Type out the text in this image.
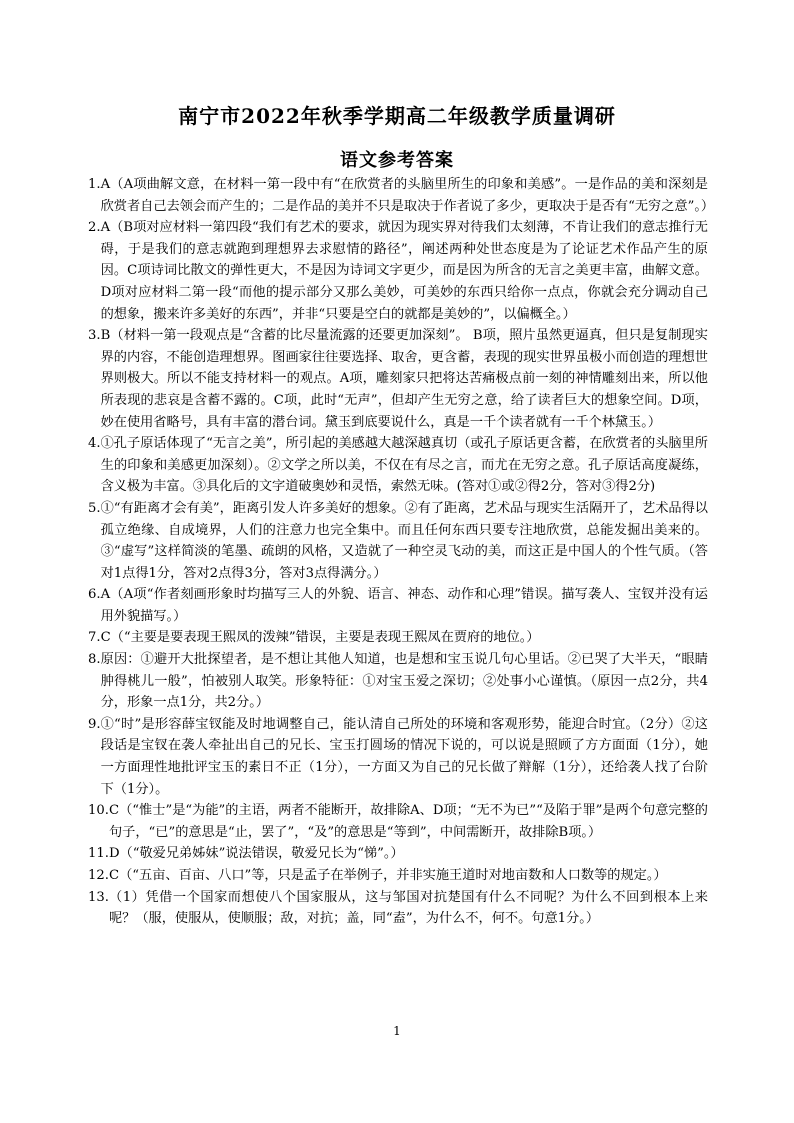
南宁市2022年秋季学期高二年级教学质量调研
语文参考答案
1. A（A项曲解文意，在材料一第一段中有“在欣赏者的头脑里所生的印象和美感”。一是作品的美和深刻是欣赏者自己去领会而产生的；二是作品的美并不只是取决于作者说了多少，更取决于是否有“无穷之意”。）
2. A（B项对应材料一第四段“我们有艺术的要求，就因为现实界对待我们太刻薄，不肯让我们的意志推行无碍，于是我们的意志就跑到理想界去求慰情的路径”，阐述两种处世态度是为了论证艺术作品产生的原因。C项诗词比散文的弹性更大，不是因为诗词文字更少，而是因为所含的无言之美更丰富，曲解文意。D项对应材料二第一段“而他的提示部分又那么美妙，可美妙的东西只给你一点点，你就会充分调动自己的想象，搬来许多美好的东西”，并非“只要是空白的就都是美妙的”，以偏概全。）
3. B（材料一第一段观点是“含蓄的比尽量流露的还要更加深刻”。 B项，照片虽然更逼真，但只是复制现实界的内容，不能创造理想界。图画家往往要选择、取舍，更含蓄，表现的现实世界虽极小而创造的理想世界则极大。所以不能支持材料一的观点。A项，雕刻家只把将达苦痛极点前一刻的神情雕刻出来，所以他所表现的悲哀是含蓄不露的。C项，此时“无声”，但却产生无穷之意，给了读者巨大的想象空间。D项，妙在使用省略号，具有丰富的潜台词。黛玉到底要说什么，真是一千个读者就有一千个林黛玉。）
4. ①孔子原话体现了“无言之美”，所引起的美感越大越深越真切（或孔子原话更含蓄，在欣赏者的头脑里所生的印象和美感更加深刻）。②文学之所以美，不仅在有尽之言，而尤在无穷之意。孔子原话高度凝练，含义极为丰富。③具化后的文字道破奥妙和灵悟，索然无味。(答对①或②得2分，答对③得2分)
5. ①“有距离才会有美”，距离引发人许多美好的想象。②有了距离，艺术品与现实生活隔开了，艺术品得以孤立绝缘、自成境界，人们的注意力也完全集中。而且任何东西只要专注地欣赏，总能发掘出美来的。③“虚写”这样简淡的笔墨、疏朗的风格，又造就了一种空灵飞动的美，而这正是中国人的个性气质。（答对1点得1分，答对2点得3分，答对3点得满分。）
6. A（A项“作者刻画形象时均描写三人的外貌、语言、神态、动作和心理”错误。描写袭人、宝钗并没有运用外貌描写。）
7. C（“主要是要表现王熙凤的泼辣”错误，主要是表现王熙凤在贾府的地位。）
8. 原因：①避开大批探望者，是不想让其他人知道，也是想和宝玉说几句心里话。②已哭了大半天，“眼睛肿得桃儿一般”，怕被别人取笑。形象特征：①对宝玉爱之深切；②处事小心谨慎。（原因一点2分，共4分，形象一点1分，共2分。）
9. ①“时”是形容薛宝钗能及时地调整自己，能认清自己所处的环境和客观形势，能迎合时宜。（2分）②这段话是宝钗在袭人牵扯出自己的兄长、宝玉打圆场的情况下说的，可以说是照顾了方方面面（1分），她一方面理性地批评宝玉的素日不正（1分），一方面又为自己的兄长做了辩解（1分），还给袭人找了台阶下（1分）。
10. C（“惟士”是“为能”的主语，两者不能断开，故排除A、D项；“无不为已”“及陷于罪”是两个句意完整的句子，“已”的意思是“止，罢了”，“及”的意思是“等到”，中间需断开，故排除B项。）
11. D（“敬爱兄弟姊妹”说法错误，敬爱兄长为“悌”。）
12. C（“五亩、百亩、八口”等，只是孟子在举例子，并非实施王道时对地亩数和人口数等的规定。）
13. （1）凭借一个国家而想使八个国家服从，这与邹国对抗楚国有什么不同呢？为什么不回到根本上来呢？（服，使服从，使顺服；敌，对抗；盖，同“盍”，为什么不，何不。句意1分。）
1
